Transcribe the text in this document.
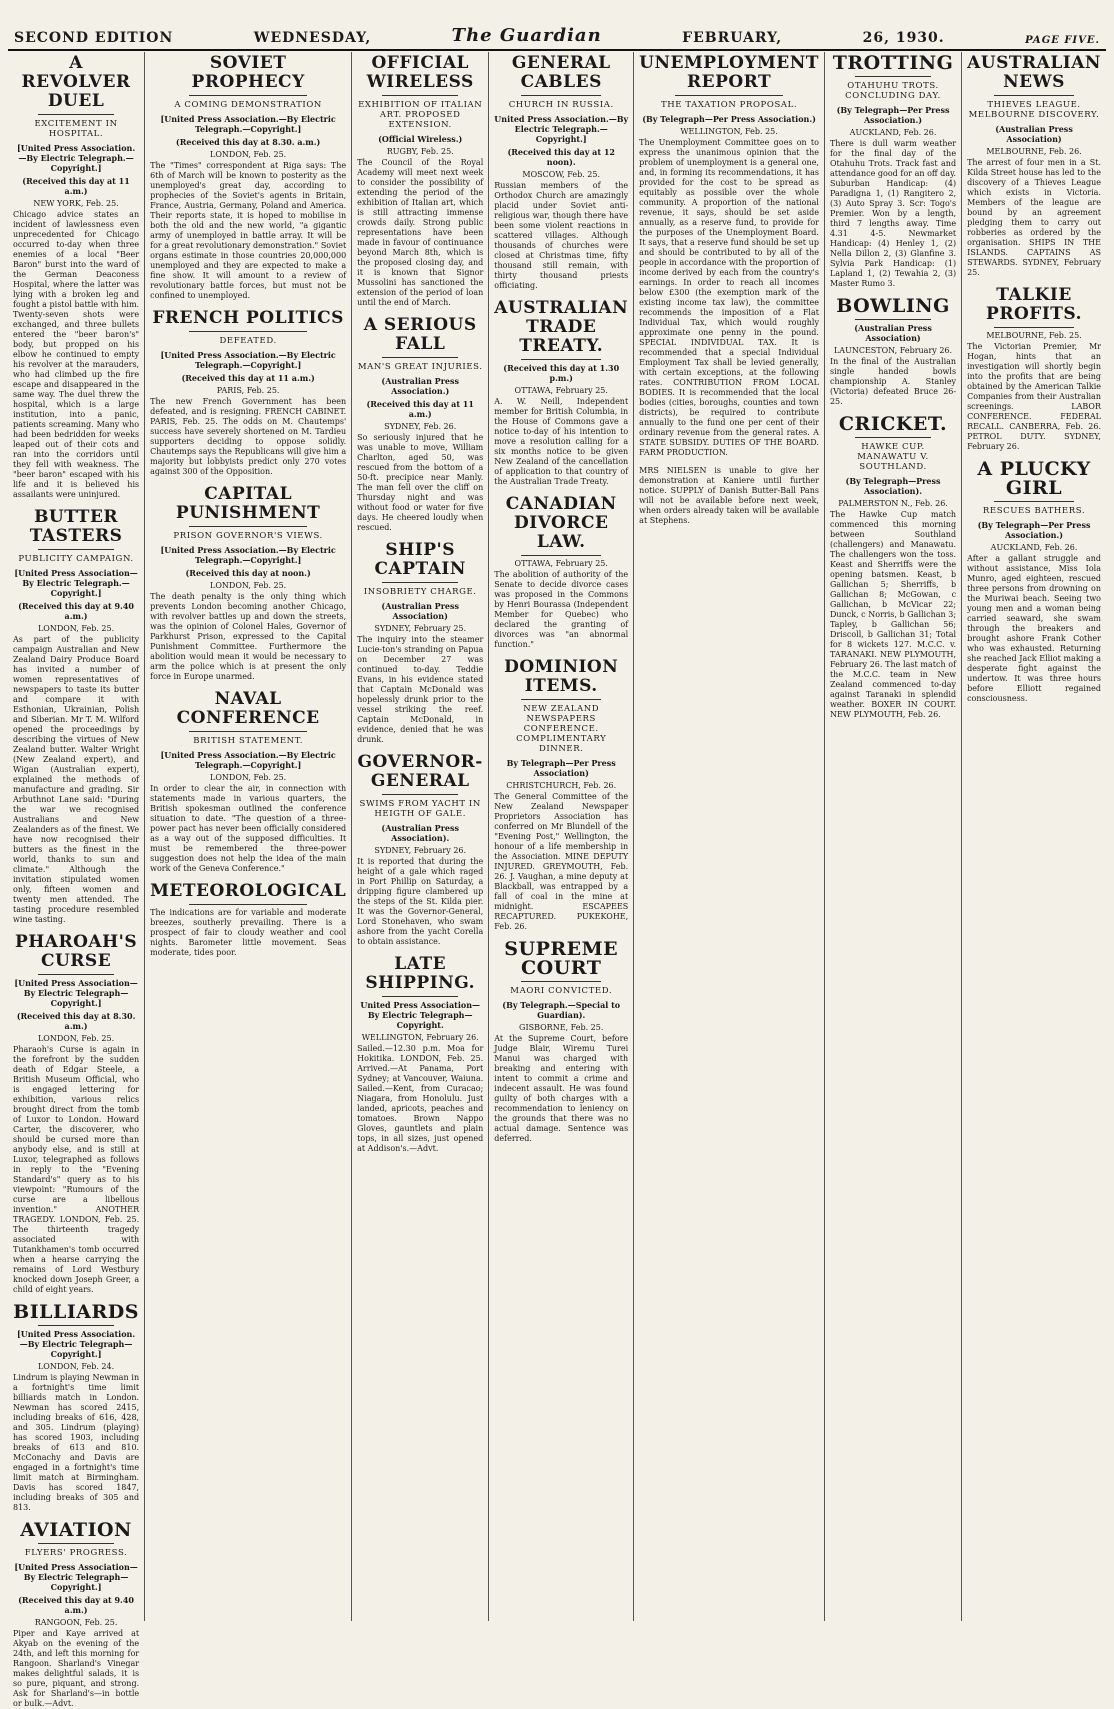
SECOND EDITION	WEDNESDAY,	The Guardian	FEBRUARY,	26, 1930.	PAGE FIVE.
A REVOLVER DUEL
EXCITEMENT IN HOSPITAL.
[United Press Association.—By Electric Telegraph.—Copyright.]
(Received this day at 11 a.m.)
NEW YORK, Feb. 25.
Chicago advice states an incident of lawlessness even unprecedented for Chicago occurred to-day when three enemies of a local "Beer Baron" burst into the ward of the German Deaconess Hospital, where the latter was lying with a broken leg and fought a pistol battle with him. Twenty-seven shots were exchanged, and three bullets entered the "beer baron's" body, but propped on his elbow he continued to empty his revolver at the marauders, who had climbed up the fire escape and disappeared in the same way. The duel threw the hospital, which is a large institution, into a panic, patients screaming. Many who had been bedridden for weeks leaped out of their cots and ran into the corridors until they fell with weakness. The "beer baron" escaped with his life and it is believed his assailants were uninjured.
BUTTER TASTERS
PUBLICITY CAMPAIGN.
[United Press Association—By Electric Telegraph.—Copyright.]
(Received this day at 9.40 a.m.)
LONDON, Feb. 25.
As part of the publicity campaign Australian and New Zealand Dairy Produce Board has invited a number of women representatives of newspapers to taste its butter and compare it with Esthonian, Ukrainian, Polish and Siberian. Mr T. M. Wilford opened the proceedings by describing the virtues of New Zealand butter. Walter Wright (New Zealand expert), and Wigan (Australian expert), explained the methods of manufacture and grading. Sir Arbuthnot Lane said: "During the war we recognised Australians and New Zealanders as of the finest. We have now recognised their butters as the finest in the world, thanks to sun and climate." Although the invitation stipulated women only, fifteen women and twenty men attended. The tasting procedure resembled wine tasting.
PHAROAH'S CURSE
[United Press Association—By Electric Telegraph—Copyright.]
(Received this day at 8.30. a.m.)
LONDON, Feb. 25.
Pharaoh's Curse is again in the forefront by the sudden death of Edgar Steele, a British Museum Official, who is engaged lettering for exhibition, various relics brought direct from the tomb of Luxor to London. Howard Carter, the discoverer, who should be cursed more than anybody else, and is still at Luxor, telegraphed as follows in reply to the "Evening Standard's" query as to his viewpoint: "Rumours of the curse are a libellous invention." ANOTHER TRAGEDY. LONDON, Feb. 25. The thirteenth tragedy associated with Tutankhamen's tomb occurred when a hearse carrying the remains of Lord Westbury knocked down Joseph Greer, a child of eight years.
BILLIARDS
[United Press Association.—By Electric Telegraph—Copyright.]
LONDON, Feb. 24.
Lindrum is playing Newman in a fortnight's time limit billiards match in London. Newman has scored 2415, including breaks of 616, 428, and 305. Lindrum (playing) has scored 1903, including breaks of 613 and 810. McConachy and Davis are engaged in a fortnight's time limit match at Birmingham. Davis has scored 1847, including breaks of 305 and 813.
AVIATION
FLYERS' PROGRESS.
[United Press Association—By Electric Telegraph—Copyright.]
(Received this day at 9.40 a.m.)
RANGOON, Feb. 25.
Piper and Kaye arrived at Akyab on the evening of the 24th, and left this morning for Rangoon. Sharland's Vinegar makes delightful salads, it is so pure, piquant, and strong. Ask for Sharland's—in bottle or bulk.—Advt.
SOVIET PROPHECY
A COMING DEMONSTRATION
[United Press Association.—By Electric Telegraph.—Copyright.]
(Received this day at 8.30. a.m.)
LONDON, Feb. 25.
The "Times" correspondent at Riga says: The 6th of March will be known to posterity as the unemployed's great day, according to prophecies of the Soviet's agents in Britain, France, Austria, Germany, Poland and America. Their reports state, it is hoped to mobilise in both the old and the new world, "a gigantic army of unemployed in battle array. It will be for a great revolutionary demonstration." Soviet organs estimate in those countries 20,000,000 unemployed and they are expected to make a fine show. It will amount to a review of revolutionary battle forces, but must not be confined to unemployed.
FRENCH POLITICS
DEFEATED.
[United Press Association.—By Electric Telegraph.—Copyright.]
(Received this day at 11 a.m.)
PARIS, Feb. 25.
The new French Government has been defeated, and is resigning. FRENCH CABINET. PARIS, Feb. 25. The odds on M. Chautemps' success have severely shortened on M. Tardieu supporters deciding to oppose solidly. Chautemps says the Republicans will give him a majority but lobbyists predict only 270 votes against 300 of the Opposition.
CAPITAL PUNISHMENT
PRISON GOVERNOR'S VIEWS.
[United Press Association.—By Electric Telegraph.—Copyright.]
(Received this day at noon.)
LONDON, Feb. 25.
The death penalty is the only thing which prevents London becoming another Chicago, with revolver battles up and down the streets, was the opinion of Colonel Hales, Governor of Parkhurst Prison, expressed to the Capital Punishment Committee. Furthermore the abolition would mean it would be necessary to arm the police which is at present the only force in Europe unarmed.
NAVAL CONFERENCE
BRITISH STATEMENT.
[United Press Association.—By Electric Telegraph.—Copyright.]
LONDON, Feb. 25.
In order to clear the air, in connection with statements made in various quarters, the British spokesman outlined the conference situation to date. "The question of a three-power pact has never been officially considered as a way out of the supposed difficulties. It must be remembered the three-power suggestion does not help the idea of the main work of the Geneva Conference."
METEOROLOGICAL
The indications are for variable and moderate breezes, southerly prevailing. There is a prospect of fair to cloudy weather and cool nights. Barometer little movement. Seas moderate, tides poor.
OFFICIAL WIRELESS
EXHIBITION OF ITALIAN ART. PROPOSED EXTENSION.
(Official Wireless.)
RUGBY, Feb. 25.
The Council of the Royal Academy will meet next week to consider the possibility of extending the period of the exhibition of Italian art, which is still attracting immense crowds daily. Strong public representations have been made in favour of continuance beyond March 8th, which is the proposed closing day, and it is known that Signor Mussolini has sanctioned the extension of the period of loan until the end of March.
A SERIOUS FALL
MAN'S GREAT INJURIES.
(Australian Press Association.)
(Received this day at 11 a.m.)
SYDNEY, Feb. 26.
So seriously injured that he was unable to move, William Charlton, aged 50, was rescued from the bottom of a 50-ft. precipice near Manly. The man fell over the cliff on Thursday night and was without food or water for five days. He cheered loudly when rescued.
SHIP'S CAPTAIN
INSOBRIETY CHARGE.
(Australian Press Association)
SYDNEY, February 25.
The inquiry into the steamer Lucie-ton's stranding on Papua on December 27 was continued to-day. Teddie Evans, in his evidence stated that Captain McDonald was hopelessly drunk prior to the vessel striking the reef. Captain McDonald, in evidence, denied that he was drunk.
GOVERNOR-GENERAL
SWIMS FROM YACHT IN HEIGTH OF GALE.
(Australian Press Association).
SYDNEY, February 26.
It is reported that during the height of a gale which raged in Port Phillip on Saturday, a dripping figure clambered up the steps of the St. Kilda pier. It was the Governor-General, Lord Stonehaven, who swam ashore from the yacht Corella to obtain assistance.
LATE SHIPPING.
United Press Association—By Electric Telegraph—Copyright.
WELLINGTON, February 26.
Sailed.—12.30 p.m. Moa for Hokitika. LONDON, Feb. 25. Arrived.—At Panama, Port Sydney; at Vancouver, Waiuna. Sailed.—Kent, from Curacao; Niagara, from Honolulu. Just landed, apricots, peaches and tomatoes. Brown Nappo Gloves, gauntlets and plain tops, in all sizes, just opened at Addison's.—Advt.
GENERAL CABLES
CHURCH IN RUSSIA.
United Press Association.—By Electric Telegraph.—Copyright.]
(Received this day at 12 noon).
MOSCOW, Feb. 25.
Russian members of the Orthodox Church are amazingly placid under Soviet anti-religious war, though there have been some violent reactions in scattered villages. Although thousands of churches were closed at Christmas time, fifty thousand still remain, with thirty thousand priests officiating.
AUSTRALIAN TRADE TREATY.
(Received this day at 1.30 p.m.)
OTTAWA, February 25.
A. W. Neill, Independent member for British Columbia, in the House of Commons gave a notice to-day of his intention to move a resolution calling for a six months notice to be given New Zealand of the cancellation of application to that country of the Australian Trade Treaty.
CANADIAN DIVORCE LAW.
OTTAWA, February 25.
The abolition of authority of the Senate to decide divorce cases was proposed in the Commons by Henri Bourassa (Independent Member for Quebec) who declared the granting of divorces was "an abnormal function."
DOMINION ITEMS.
NEW ZEALAND NEWSPAPERS CONFERENCE. COMPLIMENTARY DINNER.
By Telegraph—Per Press Association)
CHRISTCHURCH, Feb. 26.
The General Committee of the New Zealand Newspaper Proprietors Association has conferred on Mr Blundell of the "Evening Post," Wellington, the honour of a life membership in the Association. MINE DEPUTY INJURED. GREYMOUTH, Feb. 26. J. Vaughan, a mine deputy at Blackball, was entrapped by a fall of coal in the mine at midnight. ESCAPEES RECAPTURED. PUKEKOHE, Feb. 26.
SUPREME COURT
MAORI CONVICTED.
(By Telegraph.—Special to Guardian).
GISBORNE, Feb. 25.
At the Supreme Court, before Judge Blair, Wiremu Turei Manui was charged with breaking and entering with intent to commit a crime and indecent assault. He was found guilty of both charges with a recommendation to leniency on the grounds that there was no actual damage. Sentence was deferred.
UNEMPLOYMENT REPORT
THE TAXATION PROPOSAL.
(By Telegraph—Per Press Association.)
WELLINGTON, Feb. 25.
The Unemployment Committee goes on to express the unanimous opinion that the problem of unemployment is a general one, and, in forming its recommendations, it has provided for the cost to be spread as equitably as possible over the whole community. A proportion of the national revenue, it says, should be set aside annually, as a reserve fund, to provide for the purposes of the Unemployment Board. It says, that a reserve fund should be set up and should be contributed to by all of the people in accordance with the proportion of income derived by each from the country's earnings. In order to reach all incomes below £300 (the exemption mark of the existing income tax law), the committee recommends the imposition of a Flat Individual Tax, which would roughly approximate one penny in the pound. SPECIAL INDIVIDUAL TAX. It is recommended that a special Individual Employment Tax shall be levied generally, with certain exceptions, at the following rates. CONTRIBUTION FROM LOCAL BODIES. It is recommended that the local bodies (cities, boroughs, counties and town districts), be required to contribute annually to the fund one per cent of their ordinary revenue from the general rates. A STATE SUBSIDY. DUTIES OF THE BOARD. FARM PRODUCTION.
MRS NIELSEN is unable to give her demonstration at Kaniere until further notice. SUPPLY of Danish Butter-Ball Pans will not be available before next week, when orders already taken will be available at Stephens.
TROTTING
OTAHUHU TROTS. CONCLUDING DAY.
(By Telegraph—Per Press Association.)
AUCKLAND, Feb. 26.
There is dull warm weather for the final day of the Otahuhu Trots. Track fast and attendance good for an off day. Suburban Handicap: (4) Paradigna 1, (1) Rangitero 2, (3) Auto Spray 3. Scr: Togo's Premier. Won by a length, third 7 lengths away. Time 4.31 4-5. Newmarket Handicap: (4) Henley 1, (2) Nella Dillon 2, (3) Glanfine 3. Sylvia Park Handicap: (1) Lapland 1, (2) Tewahia 2, (3) Master Rumo 3.
BOWLING
(Australian Press Association)
LAUNCESTON, February 26.
In the final of the Australian single handed bowls championship A. Stanley (Victoria) defeated Bruce 26-25.
CRICKET.
HAWKE CUP. MANAWATU V. SOUTHLAND.
(By Telegraph—Press Association).
PALMERSTON N., Feb. 26.
The Hawke Cup match commenced this morning between Southland (challengers) and Manawatu. The challengers won the toss. Keast and Sherriffs were the opening batsmen. Keast, b Gallichan 5; Sherriffs, b Gallichan 8; McGowan, c Gallichan, b McVicar 22; Dunck, c Norris, b Gallichan 3; Tapley, b Gallichan 56; Driscoll, b Gallichan 31; Total for 8 wickets 127. M.C.C. v. TARANAKI. NEW PLYMOUTH, February 26. The last match of the M.C.C. team in New Zealand commenced to-day against Taranaki in splendid weather. BOXER IN COURT. NEW PLYMOUTH, Feb. 26.
AUSTRALIAN NEWS
THIEVES LEAGUE. MELBOURNE DISCOVERY.
(Australian Press Association)
MELBOURNE, Feb. 26.
The arrest of four men in a St. Kilda Street house has led to the discovery of a Thieves League which exists in Victoria. Members of the league are bound by an agreement pledging them to carry out robberies as ordered by the organisation. SHIPS IN THE ISLANDS. CAPTAINS AS STEWARDS. SYDNEY, February 25.
TALKIE PROFITS.
MELBOURNE, Feb. 25.
The Victorian Premier, Mr Hogan, hints that an investigation will shortly begin into the profits that are being obtained by the American Talkie Companies from their Australian screenings. LABOR CONFERENCE. FEDERAL RECALL. CANBERRA, Feb. 26. PETROL DUTY. SYDNEY, February 26.
A PLUCKY GIRL
RESCUES BATHERS.
(By Telegraph—Per Press Association.)
AUCKLAND, Feb. 26.
After a gallant struggle and without assistance, Miss Iola Munro, aged eighteen, rescued three persons from drowning on the Muriwai beach. Seeing two young men and a woman being carried seaward, she swam through the breakers and brought ashore Frank Cother who was exhausted. Returning she reached Jack Elliot making a desperate fight against the undertow. It was three hours before Elliott regained consciousness.
